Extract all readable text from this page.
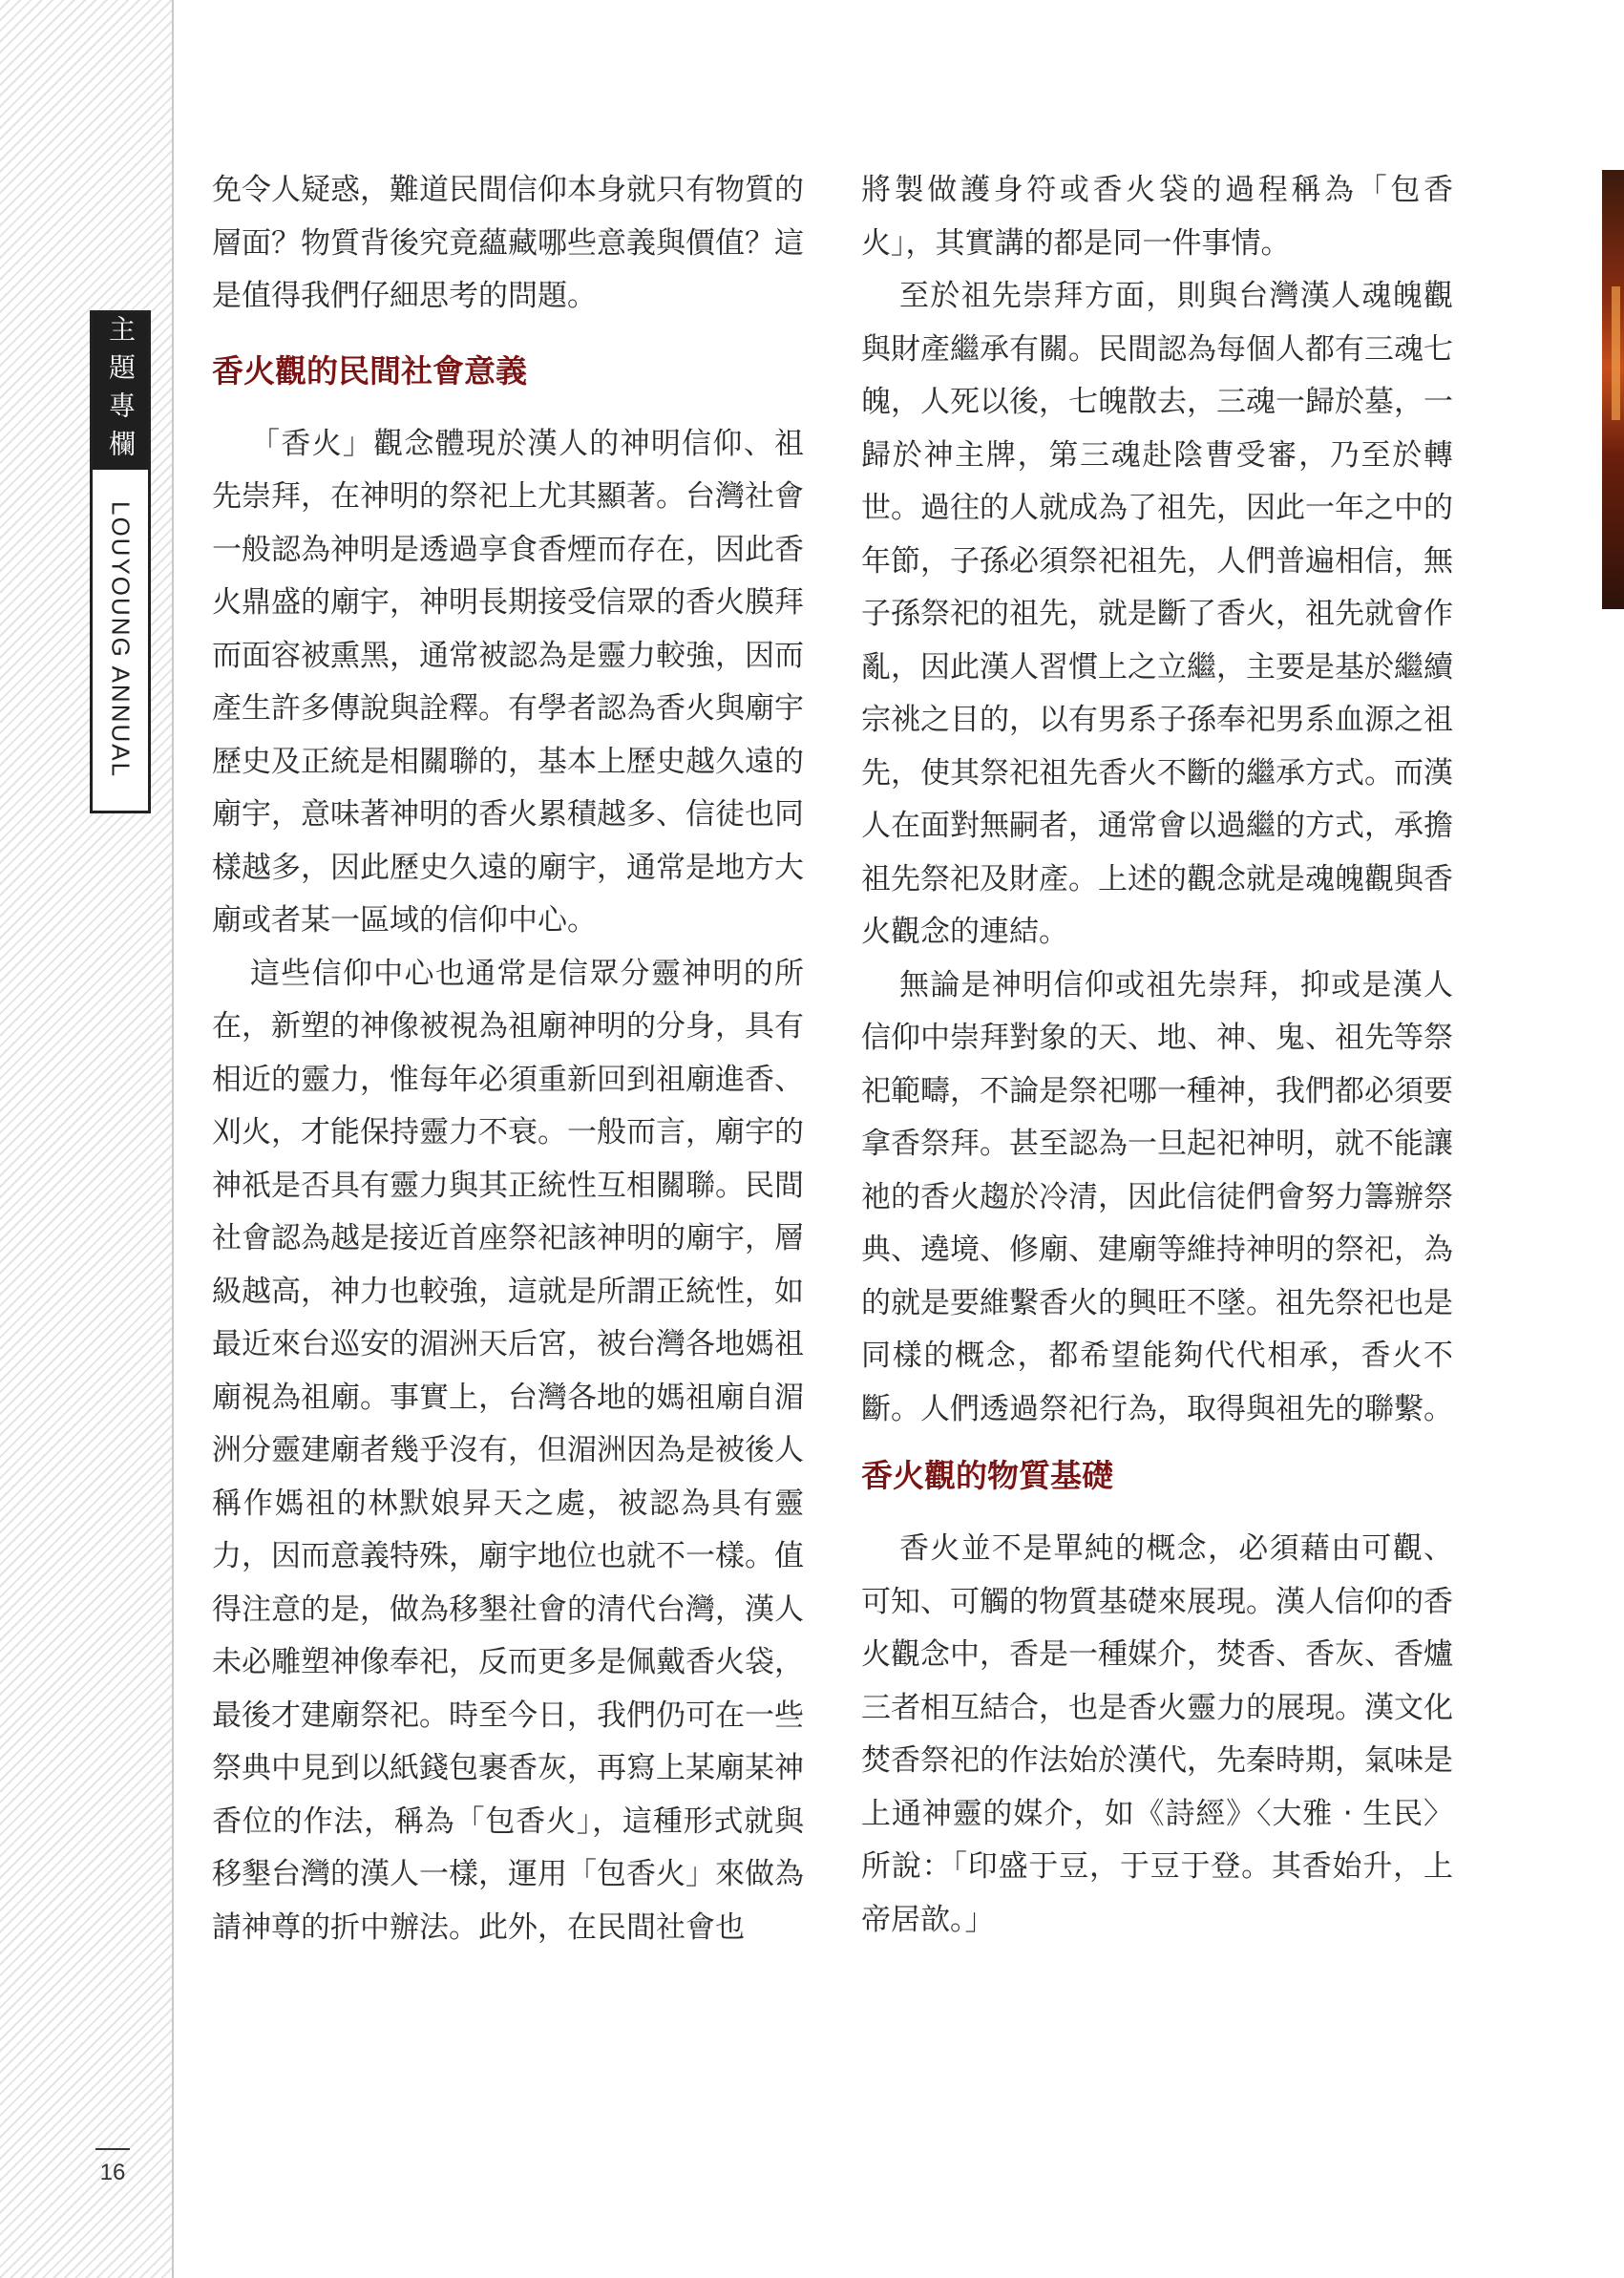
主題專欄
LOUYOUNG ANNUAL
16

免令人疑惑，難道民間信仰本身就只有物質的層面？物質背後究竟蘊藏哪些意義與價值？這是值得我們仔細思考的問題。

香火觀的民間社會意義

「香火」觀念體現於漢人的神明信仰、祖先崇拜，在神明的祭祀上尤其顯著。台灣社會一般認為神明是透過享食香煙而存在，因此香火鼎盛的廟宇，神明長期接受信眾的香火膜拜而面容被熏黑，通常被認為是靈力較強，因而產生許多傳說與詮釋。有學者認為香火與廟宇歷史及正統是相關聯的，基本上歷史越久遠的廟宇，意味著神明的香火累積越多、信徒也同樣越多，因此歷史久遠的廟宇，通常是地方大廟或者某一區域的信仰中心。

這些信仰中心也通常是信眾分靈神明的所在，新塑的神像被視為祖廟神明的分身，具有相近的靈力，惟每年必須重新回到祖廟進香、刈火，才能保持靈力不衰。一般而言，廟宇的神祇是否具有靈力與其正統性互相關聯。民間社會認為越是接近首座祭祀該神明的廟宇，層級越高，神力也較強，這就是所謂正統性，如最近來台巡安的湄洲天后宮，被台灣各地媽祖廟視為祖廟。事實上，台灣各地的媽祖廟自湄洲分靈建廟者幾乎沒有，但湄洲因為是被後人稱作媽祖的林默娘昇天之處，被認為具有靈力，因而意義特殊，廟宇地位也就不一樣。值得注意的是，做為移墾社會的清代台灣，漢人未必雕塑神像奉祀，反而更多是佩戴香火袋，最後才建廟祭祀。時至今日，我們仍可在一些祭典中見到以紙錢包裹香灰，再寫上某廟某神香位的作法，稱為「包香火」，這種形式就與移墾台灣的漢人一樣，運用「包香火」來做為請神尊的折中辦法。此外，在民間社會也

將製做護身符或香火袋的過程稱為「包香火」，其實講的都是同一件事情。

至於祖先崇拜方面，則與台灣漢人魂魄觀與財產繼承有關。民間認為每個人都有三魂七魄，人死以後，七魄散去，三魂一歸於墓，一歸於神主牌，第三魂赴陰曹受審，乃至於轉世。過往的人就成為了祖先，因此一年之中的年節，子孫必須祭祀祖先，人們普遍相信，無子孫祭祀的祖先，就是斷了香火，祖先就會作亂，因此漢人習慣上之立繼，主要是基於繼續宗祧之目的，以有男系子孫奉祀男系血源之祖先，使其祭祀祖先香火不斷的繼承方式。而漢人在面對無嗣者，通常會以過繼的方式，承擔祖先祭祀及財產。上述的觀念就是魂魄觀與香火觀念的連結。

無論是神明信仰或祖先崇拜，抑或是漢人信仰中崇拜對象的天、地、神、鬼、祖先等祭祀範疇，不論是祭祀哪一種神，我們都必須要拿香祭拜。甚至認為一旦起祀神明，就不能讓祂的香火趨於冷清，因此信徒們會努力籌辦祭典、遶境、修廟、建廟等維持神明的祭祀，為的就是要維繫香火的興旺不墜。祖先祭祀也是同樣的概念，都希望能夠代代相承，香火不斷。人們透過祭祀行為，取得與祖先的聯繫。

香火觀的物質基礎

香火並不是單純的概念，必須藉由可觀、可知、可觸的物質基礎來展現。漢人信仰的香火觀念中，香是一種媒介，焚香、香灰、香爐三者相互結合，也是香火靈力的展現。漢文化焚香祭祀的作法始於漢代，先秦時期，氣味是上通神靈的媒介，如《詩經》〈大雅 ‧ 生民〉所說：「印盛于豆，于豆于登。其香始升，上帝居歆。」
